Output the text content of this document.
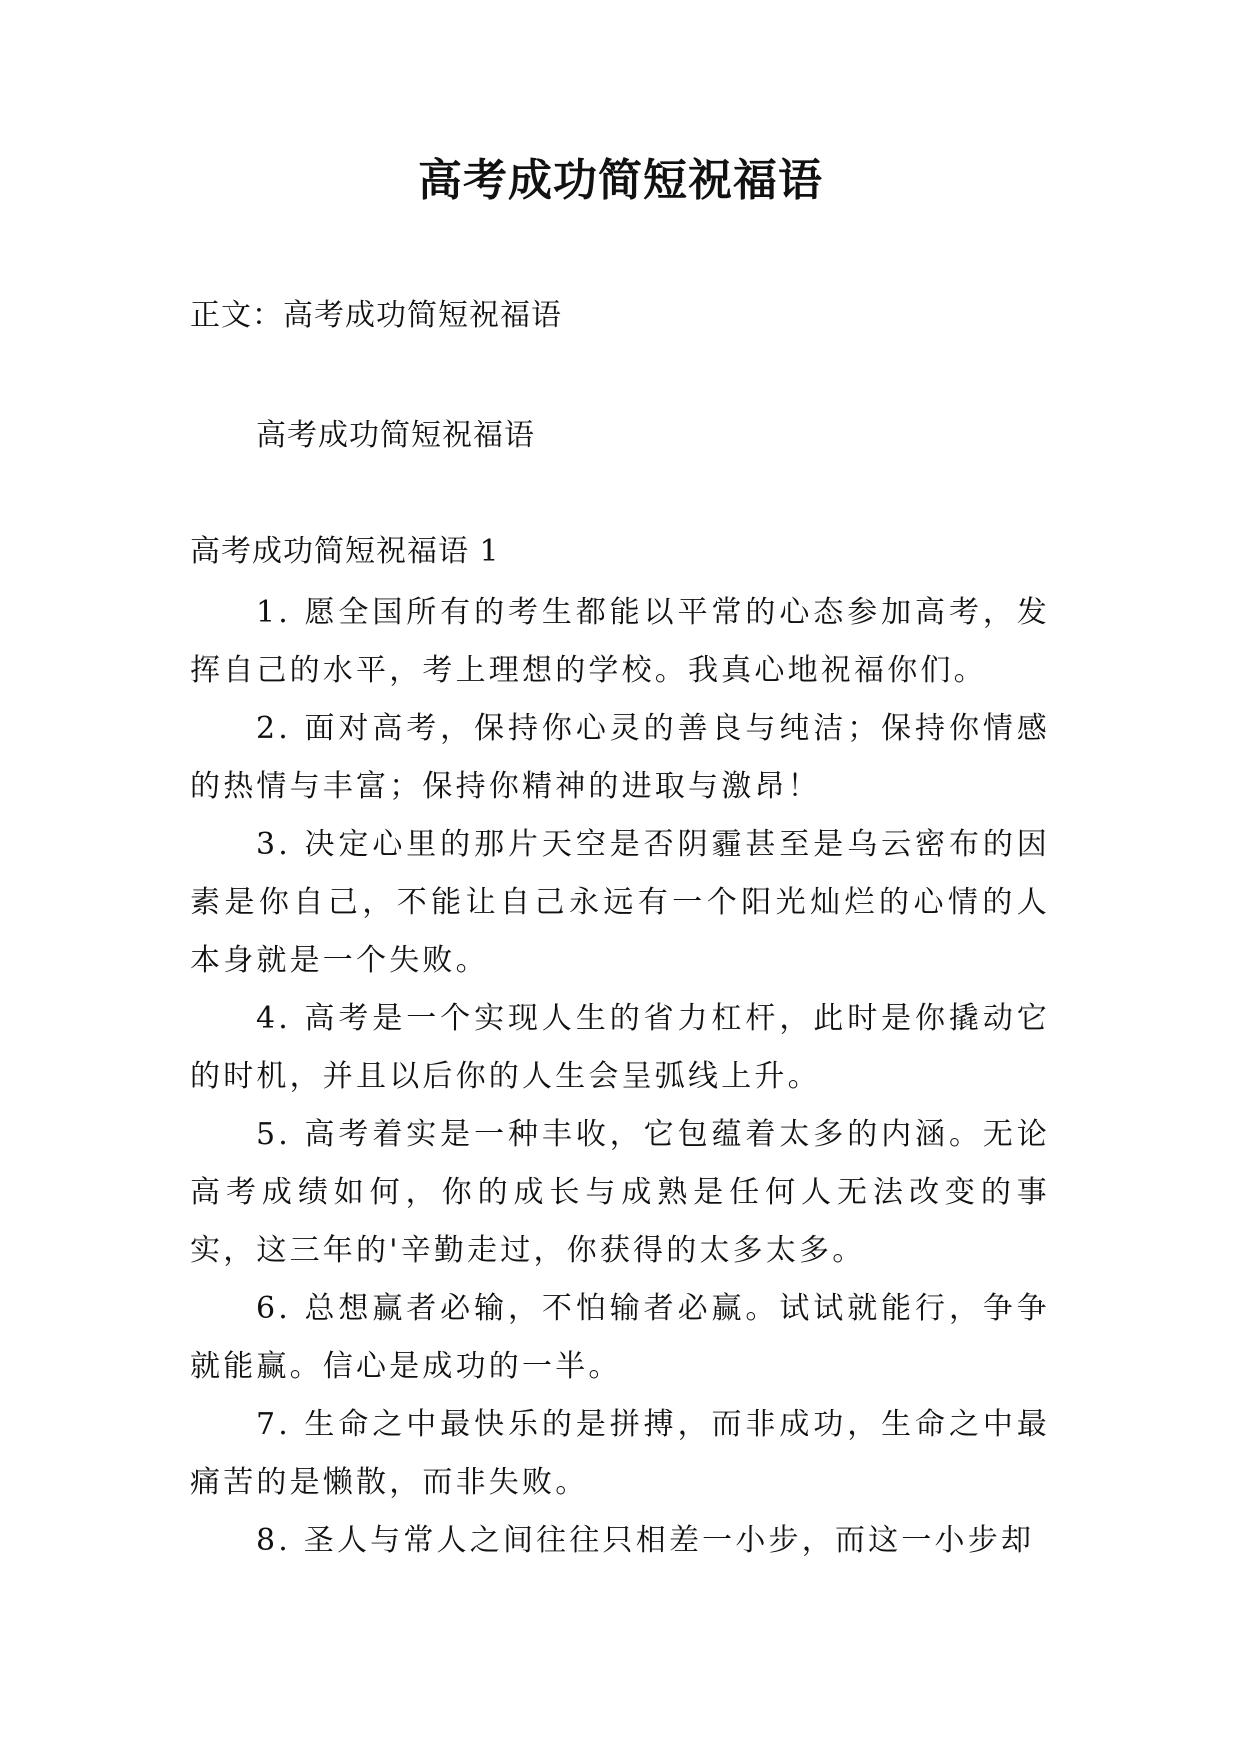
高考成功简短祝福语

正文：高考成功简短祝福语

高考成功简短祝福语

高考成功简短祝福语 1

1. 愿全国所有的考生都能以平常的心态参加高考，发挥自己的水平，考上理想的学校。我真心地祝福你们。
2. 面对高考，保持你心灵的善良与纯洁；保持你情感的热情与丰富；保持你精神的进取与激昂！
3. 决定心里的那片天空是否阴霾甚至是乌云密布的因素是你自己，不能让自己永远有一个阳光灿烂的心情的人本身就是一个失败。
4. 高考是一个实现人生的省力杠杆，此时是你撬动它的时机，并且以后你的人生会呈弧线上升。
5. 高考着实是一种丰收，它包蕴着太多的内涵。无论高考成绩如何，你的成长与成熟是任何人无法改变的事实，这三年的'辛勤走过，你获得的太多太多。
6. 总想赢者必输，不怕输者必赢。试试就能行，争争就能赢。信心是成功的一半。
7. 生命之中最快乐的是拼搏，而非成功，生命之中最痛苦的是懒散，而非失败。
8. 圣人与常人之间往往只相差一小步，而这一小步却
